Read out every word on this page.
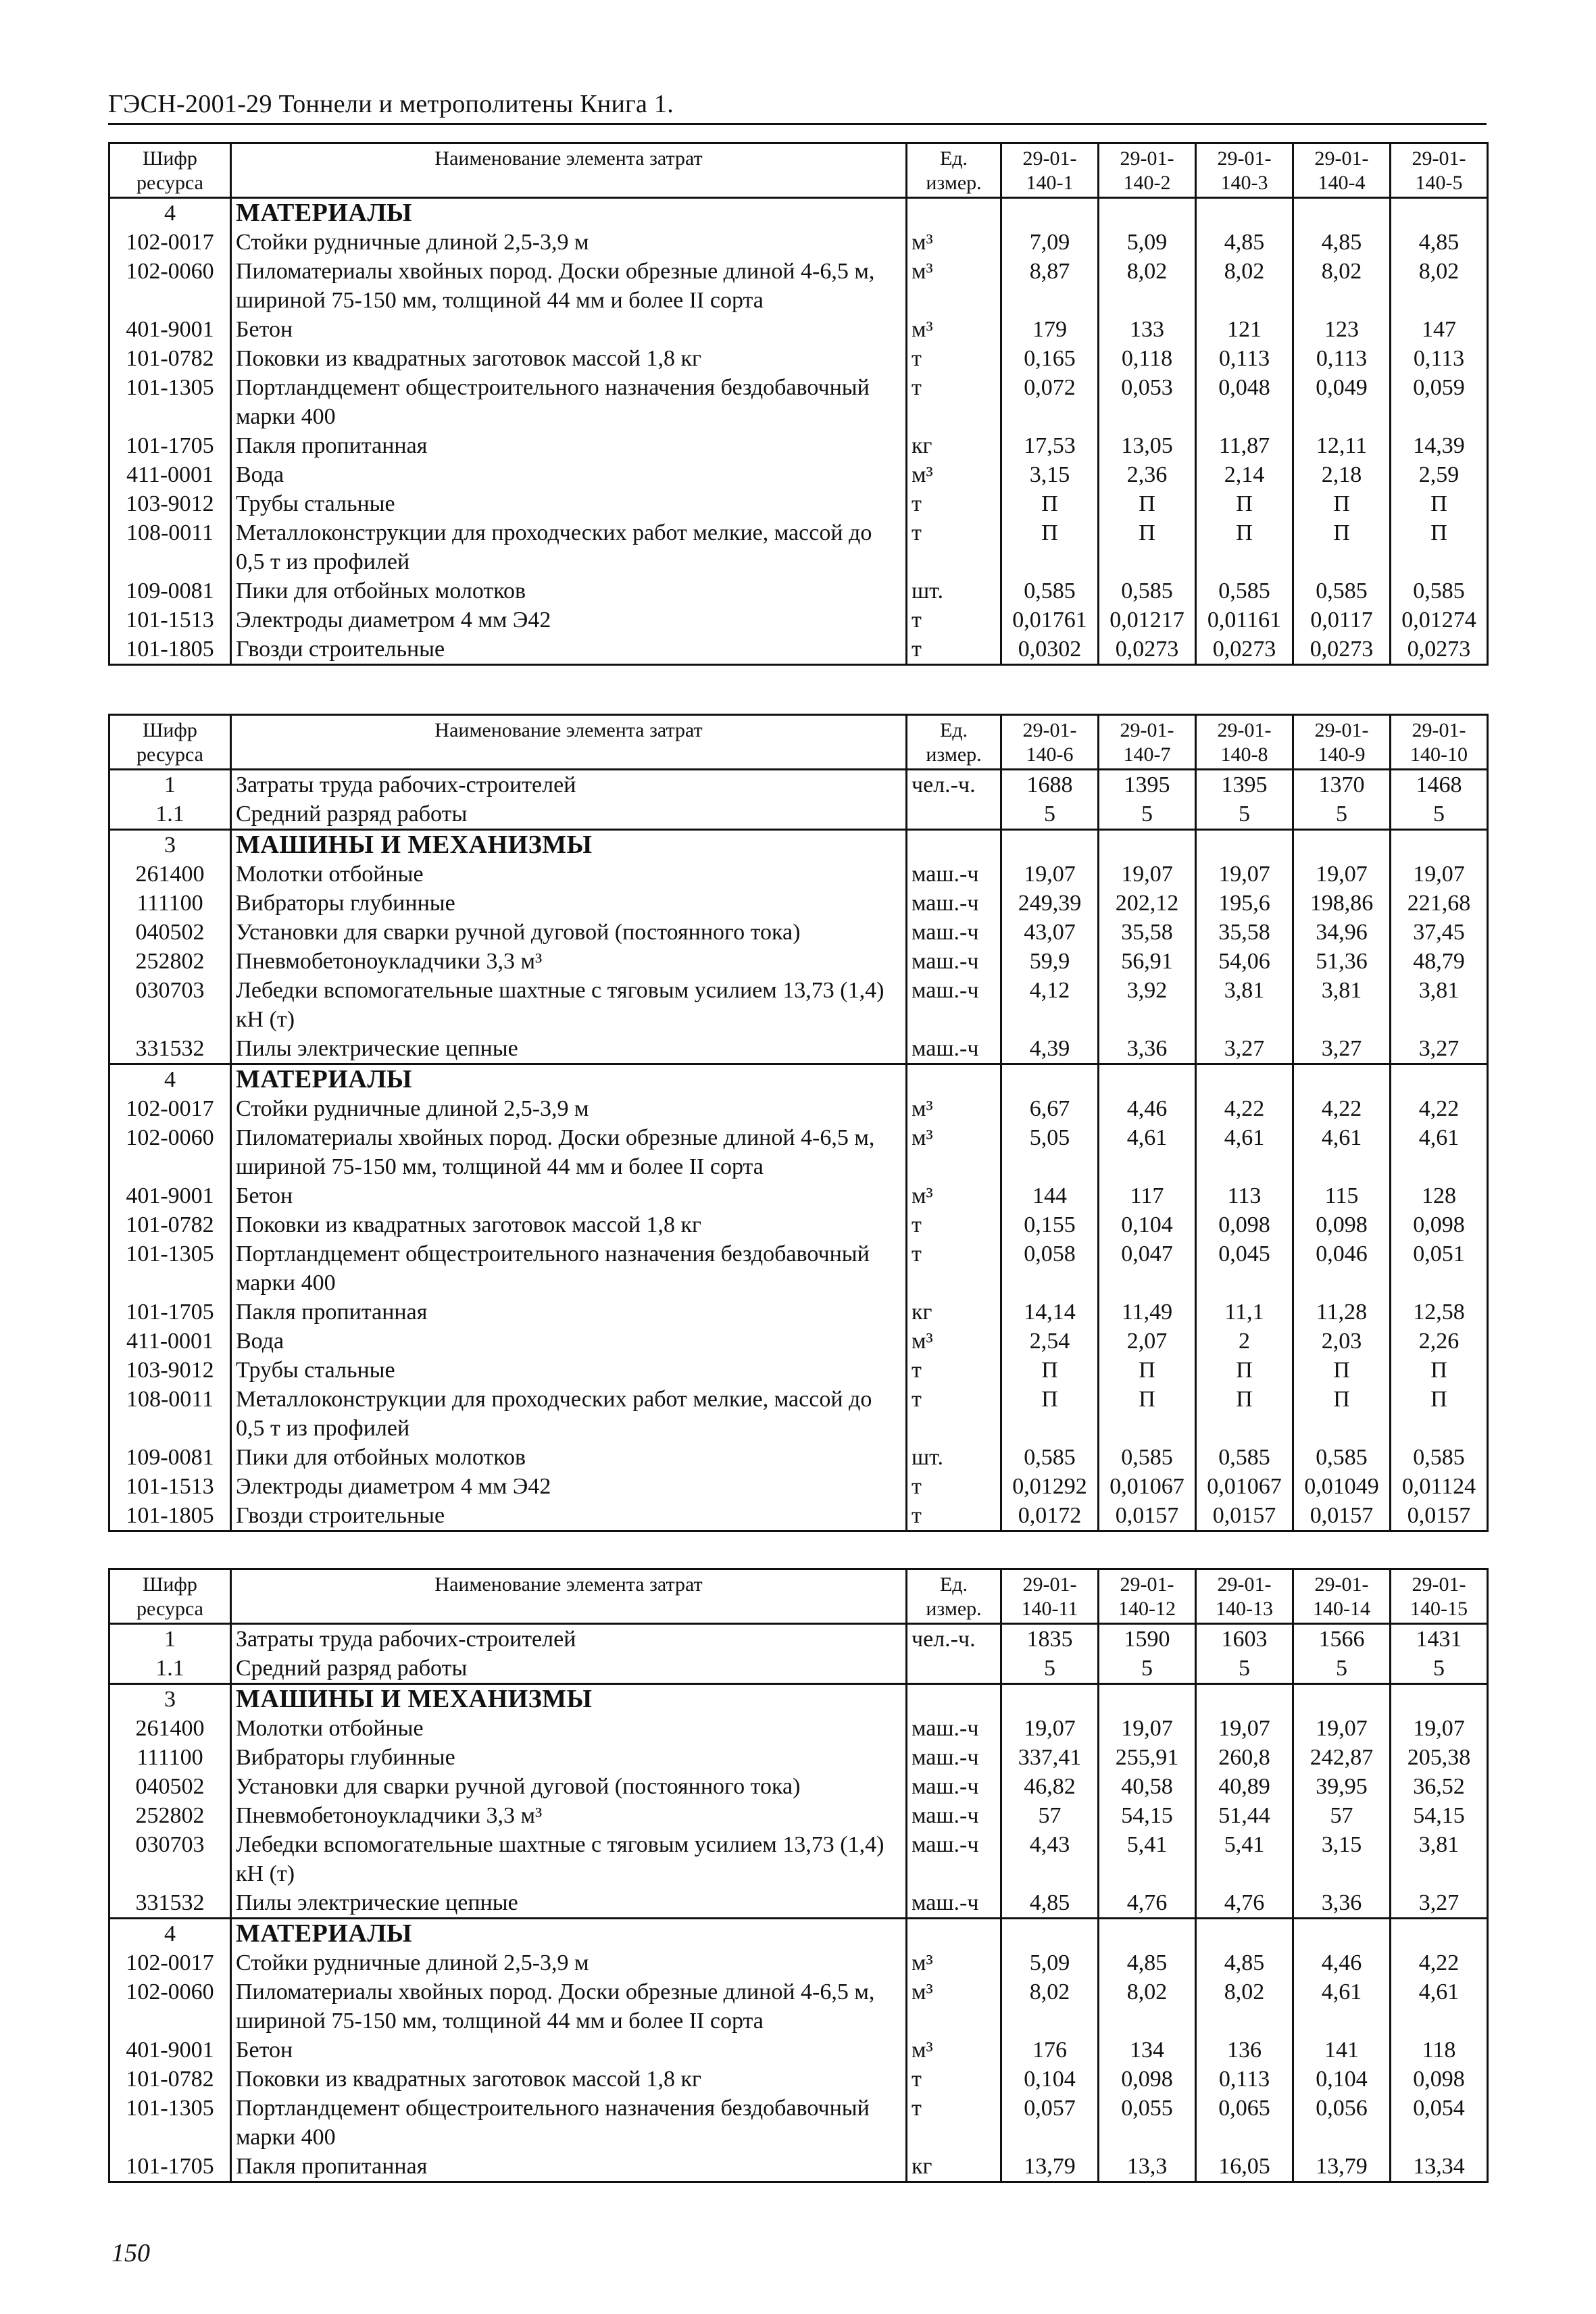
ГЭСН-2001-29 Тоннели и метрополитены Книга 1.
Шифр ресурса	Наименование элемента затрат	Ед. измер.	29-01-140-1	29-01-140-2	29-01-140-3	29-01-140-4	29-01-140-5
4	МАТЕРИАЛЫ						
102-0017	Стойки рудничные длиной 2,5-3,9 м	м³	7,09	5,09	4,85	4,85	4,85
102-0060	Пиломатериалы хвойных пород. Доски обрезные длиной 4-6,5 м, шириной 75-150 мм, толщиной 44 мм и более II сорта	м³	8,87	8,02	8,02	8,02	8,02
401-9001	Бетон	м³	179	133	121	123	147
101-0782	Поковки из квадратных заготовок массой 1,8 кг	т	0,165	0,118	0,113	0,113	0,113
101-1305	Портландцемент общестроительного назначения бездобавочный марки 400	т	0,072	0,053	0,048	0,049	0,059
101-1705	Пакля пропитанная	кг	17,53	13,05	11,87	12,11	14,39
411-0001	Вода	м³	3,15	2,36	2,14	2,18	2,59
103-9012	Трубы стальные	т	П	П	П	П	П
108-0011	Металлоконструкции для проходческих работ мелкие, массой до 0,5 т из профилей	т	П	П	П	П	П
109-0081	Пики для отбойных молотков	шт.	0,585	0,585	0,585	0,585	0,585
101-1513	Электроды диаметром 4 мм Э42	т	0,01761	0,01217	0,01161	0,0117	0,01274
101-1805	Гвозди строительные	т	0,0302	0,0273	0,0273	0,0273	0,0273
Шифр ресурса	Наименование элемента затрат	Ед. измер.	29-01-140-6	29-01-140-7	29-01-140-8	29-01-140-9	29-01-140-10
1	Затраты труда рабочих-строителей	чел.-ч.	1688	1395	1395	1370	1468
1.1	Средний разряд работы		5	5	5	5	5
3	МАШИНЫ И МЕХАНИЗМЫ						
261400	Молотки отбойные	маш.-ч	19,07	19,07	19,07	19,07	19,07
111100	Вибраторы глубинные	маш.-ч	249,39	202,12	195,6	198,86	221,68
040502	Установки для сварки ручной дуговой (постоянного тока)	маш.-ч	43,07	35,58	35,58	34,96	37,45
252802	Пневмобетоноукладчики 3,3 м³	маш.-ч	59,9	56,91	54,06	51,36	48,79
030703	Лебедки вспомогательные шахтные с тяговым усилием 13,73 (1,4) кН (т)	маш.-ч	4,12	3,92	3,81	3,81	3,81
331532	Пилы электрические цепные	маш.-ч	4,39	3,36	3,27	3,27	3,27
4	МАТЕРИАЛЫ						
102-0017	Стойки рудничные длиной 2,5-3,9 м	м³	6,67	4,46	4,22	4,22	4,22
102-0060	Пиломатериалы хвойных пород. Доски обрезные длиной 4-6,5 м, шириной 75-150 мм, толщиной 44 мм и более II сорта	м³	5,05	4,61	4,61	4,61	4,61
401-9001	Бетон	м³	144	117	113	115	128
101-0782	Поковки из квадратных заготовок массой 1,8 кг	т	0,155	0,104	0,098	0,098	0,098
101-1305	Портландцемент общестроительного назначения бездобавочный марки 400	т	0,058	0,047	0,045	0,046	0,051
101-1705	Пакля пропитанная	кг	14,14	11,49	11,1	11,28	12,58
411-0001	Вода	м³	2,54	2,07	2	2,03	2,26
103-9012	Трубы стальные	т	П	П	П	П	П
108-0011	Металлоконструкции для проходческих работ мелкие, массой до 0,5 т из профилей	т	П	П	П	П	П
109-0081	Пики для отбойных молотков	шт.	0,585	0,585	0,585	0,585	0,585
101-1513	Электроды диаметром 4 мм Э42	т	0,01292	0,01067	0,01067	0,01049	0,01124
101-1805	Гвозди строительные	т	0,0172	0,0157	0,0157	0,0157	0,0157
Шифр ресурса	Наименование элемента затрат	Ед. измер.	29-01-140-11	29-01-140-12	29-01-140-13	29-01-140-14	29-01-140-15
1	Затраты труда рабочих-строителей	чел.-ч.	1835	1590	1603	1566	1431
1.1	Средний разряд работы		5	5	5	5	5
3	МАШИНЫ И МЕХАНИЗМЫ						
261400	Молотки отбойные	маш.-ч	19,07	19,07	19,07	19,07	19,07
111100	Вибраторы глубинные	маш.-ч	337,41	255,91	260,8	242,87	205,38
040502	Установки для сварки ручной дуговой (постоянного тока)	маш.-ч	46,82	40,58	40,89	39,95	36,52
252802	Пневмобетоноукладчики 3,3 м³	маш.-ч	57	54,15	51,44	57	54,15
030703	Лебедки вспомогательные шахтные с тяговым усилием 13,73 (1,4) кН (т)	маш.-ч	4,43	5,41	5,41	3,15	3,81
331532	Пилы электрические цепные	маш.-ч	4,85	4,76	4,76	3,36	3,27
4	МАТЕРИАЛЫ						
102-0017	Стойки рудничные длиной 2,5-3,9 м	м³	5,09	4,85	4,85	4,46	4,22
102-0060	Пиломатериалы хвойных пород. Доски обрезные длиной 4-6,5 м, шириной 75-150 мм, толщиной 44 мм и более II сорта	м³	8,02	8,02	8,02	4,61	4,61
401-9001	Бетон	м³	176	134	136	141	118
101-0782	Поковки из квадратных заготовок массой 1,8 кг	т	0,104	0,098	0,113	0,104	0,098
101-1305	Портландцемент общестроительного назначения бездобавочный марки 400	т	0,057	0,055	0,065	0,056	0,054
101-1705	Пакля пропитанная	кг	13,79	13,3	16,05	13,79	13,34
150
